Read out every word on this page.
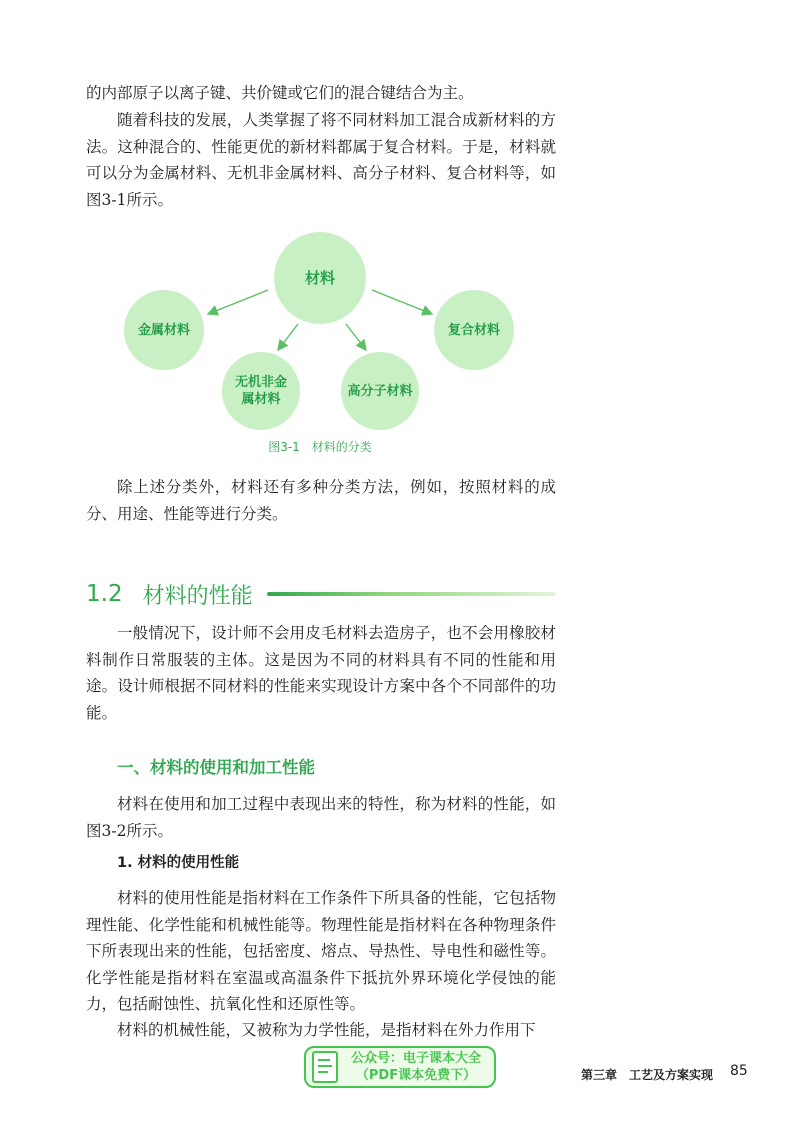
的内部原子以离子键、共价键或它们的混合键结合为主。

随着科技的发展，人类掌握了将不同材料加工混合成新材料的方法。这种混合的、性能更优的新材料都属于复合材料。于是，材料就可以分为金属材料、无机非金属材料、高分子材料、复合材料等，如图3-1所示。

材料
金属材料	复合材料
无机非金
属材料
高分子材料
图3-1　材料的分类

除上述分类外，材料还有多种分类方法，例如，按照材料的成分、用途、性能等进行分类。

1.2 材料的性能

一般情况下，设计师不会用皮毛材料去造房子，也不会用橡胶材料制作日常服装的主体。这是因为不同的材料具有不同的性能和用途。设计师根据不同材料的性能来实现设计方案中各个不同部件的功能。

一、材料的使用和加工性能

材料在使用和加工过程中表现出来的特性，称为材料的性能，如图3-2所示。

1. 材料的使用性能

材料的使用性能是指材料在工作条件下所具备的性能，它包括物理性能、化学性能和机械性能等。物理性能是指材料在各种物理条件下所表现出来的性能，包括密度、熔点、导热性、导电性和磁性等。化学性能是指材料在室温或高温条件下抵抗外界环境化学侵蚀的能力，包括耐蚀性、抗氧化性和还原性等。

材料的机械性能，又被称为力学性能，是指材料在外力作用下

公众号：电子课本大全
（PDF课本免费下）	第三章　工艺及方案实现 85
